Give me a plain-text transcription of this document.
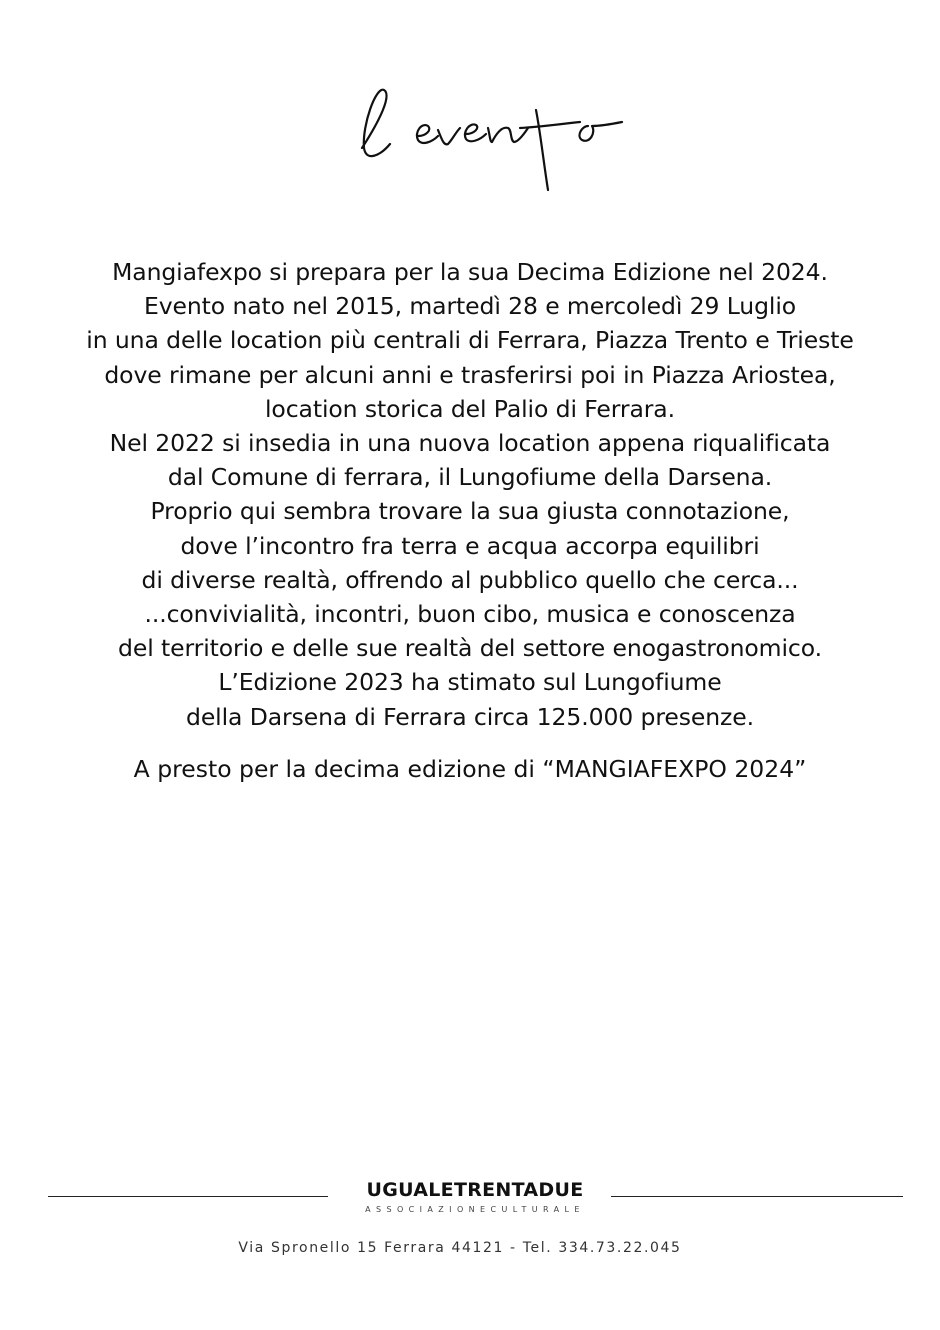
Mangiafexpo si prepara per la sua Decima Edizione nel 2024.
Evento nato nel 2015, martedì 28 e mercoledì 29 Luglio
in una delle location più centrali di Ferrara, Piazza Trento e Trieste
dove rimane per alcuni anni e trasferirsi poi in Piazza Ariostea,
location storica del Palio di Ferrara.
Nel 2022 si insedia in una nuova location appena riqualificata
dal Comune di ferrara, il Lungofiume della Darsena.
Proprio qui sembra trovare la sua giusta connotazione,
dove l’incontro fra terra e acqua accorpa equilibri
di diverse realtà, offrendo al pubblico quello che cerca...
...convivialità, incontri, buon cibo, musica e conoscenza
del territorio e delle sue realtà del settore enogastronomico.
L’Edizione 2023 ha stimato sul Lungofiume
della Darsena di Ferrara circa 125.000 presenze.
A presto per la decima edizione di “MANGIAFEXPO 2024”
UGUALETRENTADUE
ASSOCIAZIONECULTURALE
Via Spronello 15 Ferrara 44121 - Tel. 334.73.22.045
